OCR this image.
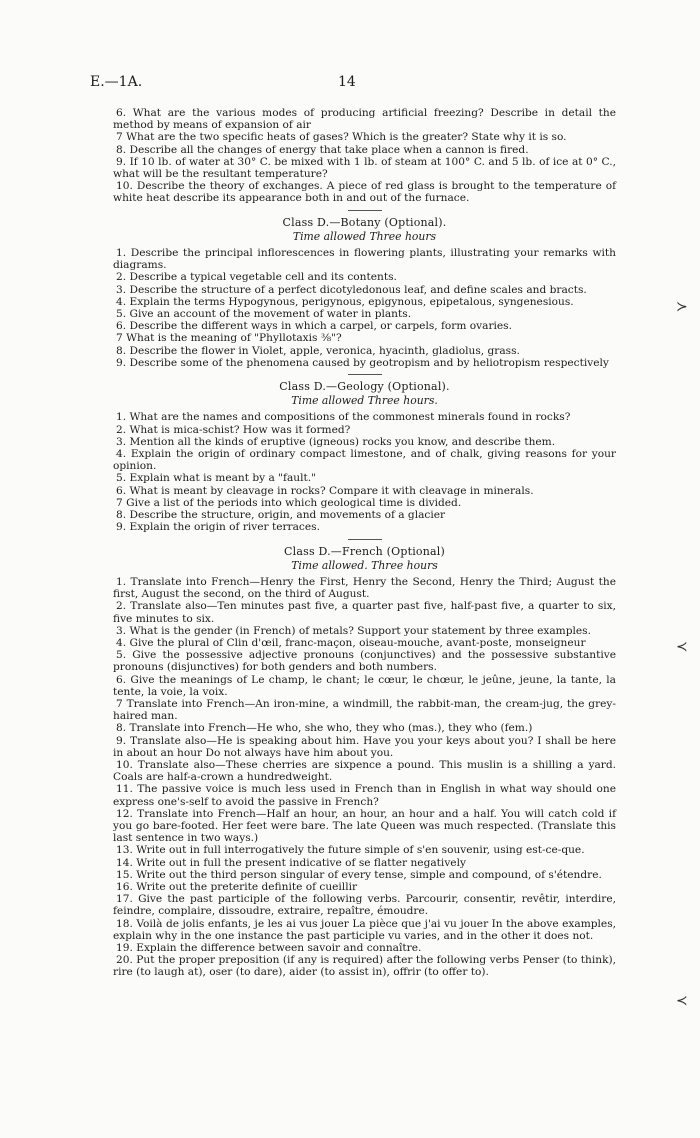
E.—1A.	14

6. What are the various modes of producing artificial freezing? Describe in detail the method by means of expansion of air

7 What are the two specific heats of gases? Which is the greater? State why it is so.

8. Describe all the changes of energy that take place when a cannon is fired.

9. If 10 lb. of water at 30° C. be mixed with 1 lb. of steam at 100° C. and 5 lb. of ice at 0° C., what will be the resultant temperature?

10. Describe the theory of exchanges. A piece of red glass is brought to the temperature of white heat describe its appearance both in and out of the furnace.

Class D.—Botany (Optional).
Time allowed Three hours

1. Describe the principal inflorescences in flowering plants, illustrating your remarks with diagrams.

2. Describe a typical vegetable cell and its contents.

3. Describe the structure of a perfect dicotyledonous leaf, and define scales and bracts.

4. Explain the terms Hypogynous, perigynous, epigynous, epipetalous, syngenesious.

5. Give an account of the movement of water in plants.

6. Describe the different ways in which a carpel, or carpels, form ovaries.

7 What is the meaning of "Phyllotaxis ⅜"?

8. Describe the flower in Violet, apple, veronica, hyacinth, gladiolus, grass.

9. Describe some of the phenomena caused by geotropism and by heliotropism respectively

Class D.—Geology (Optional).
Time allowed Three hours.

1. What are the names and compositions of the commonest minerals found in rocks?

2. What is mica-schist? How was it formed?

3. Mention all the kinds of eruptive (igneous) rocks you know, and describe them.

4. Explain the origin of ordinary compact limestone, and of chalk, giving reasons for your opinion.

5. Explain what is meant by a "fault."

6. What is meant by cleavage in rocks? Compare it with cleavage in minerals.

7 Give a list of the periods into which geological time is divided.

8. Describe the structure, origin, and movements of a glacier

9. Explain the origin of river terraces.

Class D.—French (Optional)
Time allowed. Three hours

1. Translate into French—Henry the First, Henry the Second, Henry the Third; August the first, August the second, on the third of August.

2. Translate also—Ten minutes past five, a quarter past five, half-past five, a quarter to six, five minutes to six.

3. What is the gender (in French) of metals? Support your statement by three examples.

4. Give the plural of Clin d'œil, franc-maçon, oiseau-mouche, avant-poste, monseigneur

5. Give the possessive adjective pronouns (conjunctives) and the possessive substantive pronouns (disjunctives) for both genders and both numbers.

6. Give the meanings of Le champ, le chant; le cœur, le chœur, le jeûne, jeune, la tante, la tente, la voie, la voix.

7 Translate into French—An iron-mine, a windmill, the rabbit-man, the cream-jug, the grey-haired man.

8. Translate into French—He who, she who, they who (mas.), they who (fem.)

9. Translate also—He is speaking about him. Have you your keys about you? I shall be here in about an hour Do not always have him about you.

10. Translate also—These cherries are sixpence a pound. This muslin is a shilling a yard. Coals are half-a-crown a hundredweight.

11. The passive voice is much less used in French than in English in what way should one express one's-self to avoid the passive in French?

12. Translate into French—Half an hour, an hour, an hour and a half. You will catch cold if you go bare-footed. Her feet were bare. The late Queen was much respected. (Translate this last sentence in two ways.)

13. Write out in full interrogatively the future simple of s'en souvenir, using est-ce-que.

14. Write out in full the present indicative of se flatter negatively

15. Write out the third person singular of every tense, simple and compound, of s'étendre.

16. Write out the preterite definite of cueillir

17. Give the past participle of the following verbs. Parcourir, consentir, revêtir, interdire, feindre, complaire, dissoudre, extraire, repaître, émoudre.

18. Voilà de jolis enfants, je les ai vus jouer La pièce que j'ai vu jouer In the above examples, explain why in the one instance the past participle vu varies, and in the other it does not.

19. Explain the difference between savoir and connaître.

20. Put the proper preposition (if any is required) after the following verbs Penser (to think), rire (to laugh at), oser (to dare), aider (to assist in), offrir (to offer to).

≻
≺
≺
